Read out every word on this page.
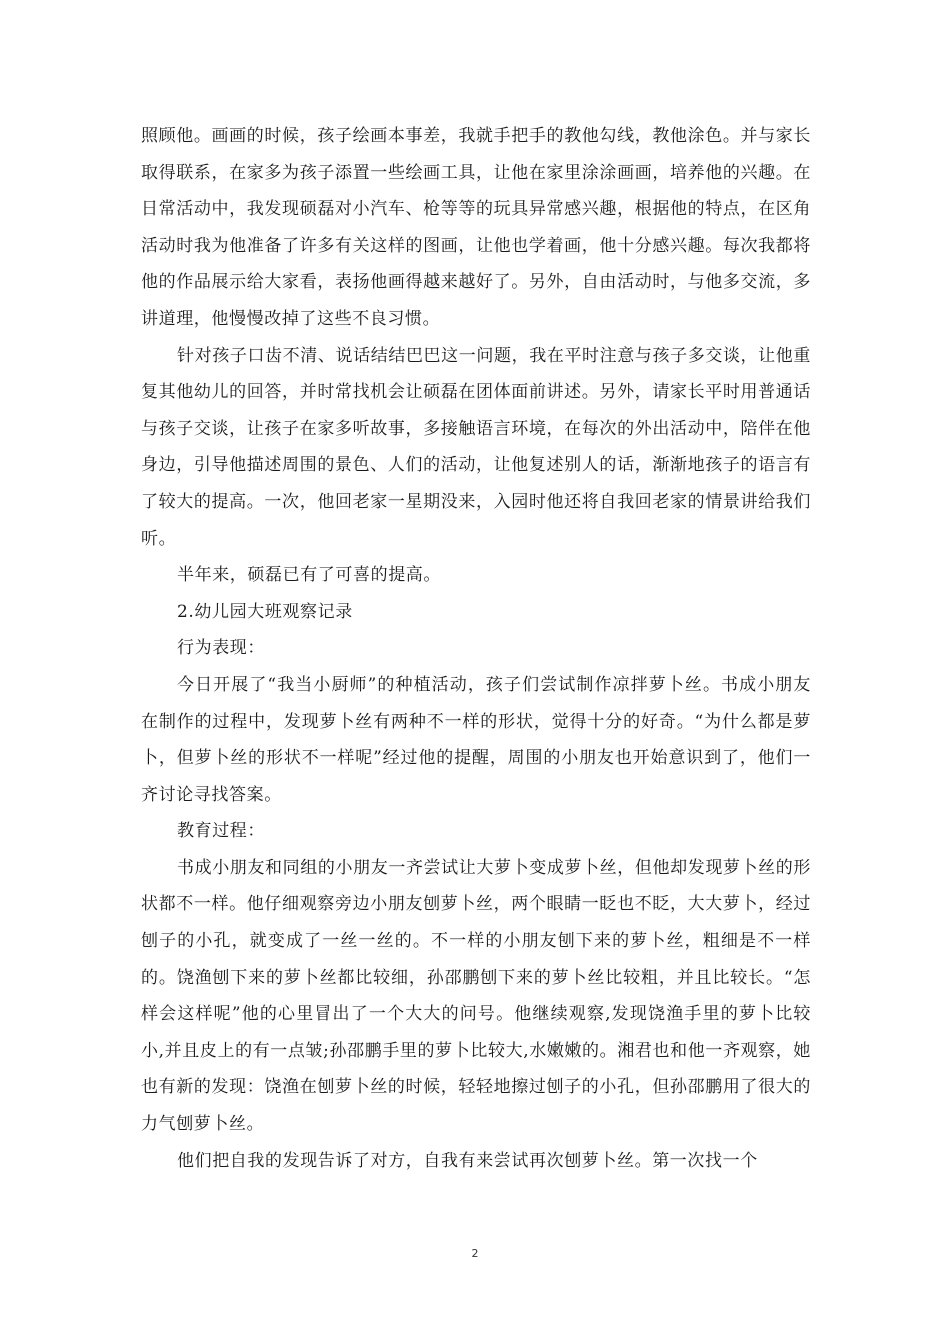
照顾他。画画的时候，孩子绘画本事差，我就手把手的教他勾线，教他涂色。并与家长取得联系，在家多为孩子添置一些绘画工具，让他在家里涂涂画画，培养他的兴趣。在日常活动中，我发现硕磊对小汽车、枪等等的玩具异常感兴趣，根据他的特点，在区角活动时我为他准备了许多有关这样的图画，让他也学着画，他十分感兴趣。每次我都将他的作品展示给大家看，表扬他画得越来越好了。另外，自由活动时，与他多交流，多讲道理，他慢慢改掉了这些不良习惯。

针对孩子口齿不清、说话结结巴巴这一问题，我在平时注意与孩子多交谈，让他重复其他幼儿的回答，并时常找机会让硕磊在团体面前讲述。另外，请家长平时用普通话与孩子交谈，让孩子在家多听故事，多接触语言环境，在每次的外出活动中，陪伴在他身边，引导他描述周围的景色、人们的活动，让他复述别人的话，渐渐地孩子的语言有了较大的提高。一次，他回老家一星期没来，入园时他还将自我回老家的情景讲给我们听。

半年来，硕磊已有了可喜的提高。

2.幼儿园大班观察记录

行为表现：

今日开展了“我当小厨师”的种植活动，孩子们尝试制作凉拌萝卜丝。书成小朋友在制作的过程中，发现萝卜丝有两种不一样的形状，觉得十分的好奇。“为什么都是萝卜，但萝卜丝的形状不一样呢”经过他的提醒，周围的小朋友也开始意识到了，他们一齐讨论寻找答案。

教育过程：

书成小朋友和同组的小朋友一齐尝试让大萝卜变成萝卜丝，但他却发现萝卜丝的形状都不一样。他仔细观察旁边小朋友刨萝卜丝，两个眼睛一眨也不眨，大大萝卜，经过刨子的小孔，就变成了一丝一丝的。不一样的小朋友刨下来的萝卜丝，粗细是不一样的。饶渔刨下来的萝卜丝都比较细，孙邵鹏刨下来的萝卜丝比较粗，并且比较长。“怎样会这样呢”他的心里冒出了一个大大的问号。他继续观察,发现饶渔手里的萝卜比较小,并且皮上的有一点皱;孙邵鹏手里的萝卜比较大,水嫩嫩的。湘君也和他一齐观察，她也有新的发现：饶渔在刨萝卜丝的时候，轻轻地擦过刨子的小孔，但孙邵鹏用了很大的力气刨萝卜丝。

他们把自我的发现告诉了对方，自我有来尝试再次刨萝卜丝。第一次找一个

2
